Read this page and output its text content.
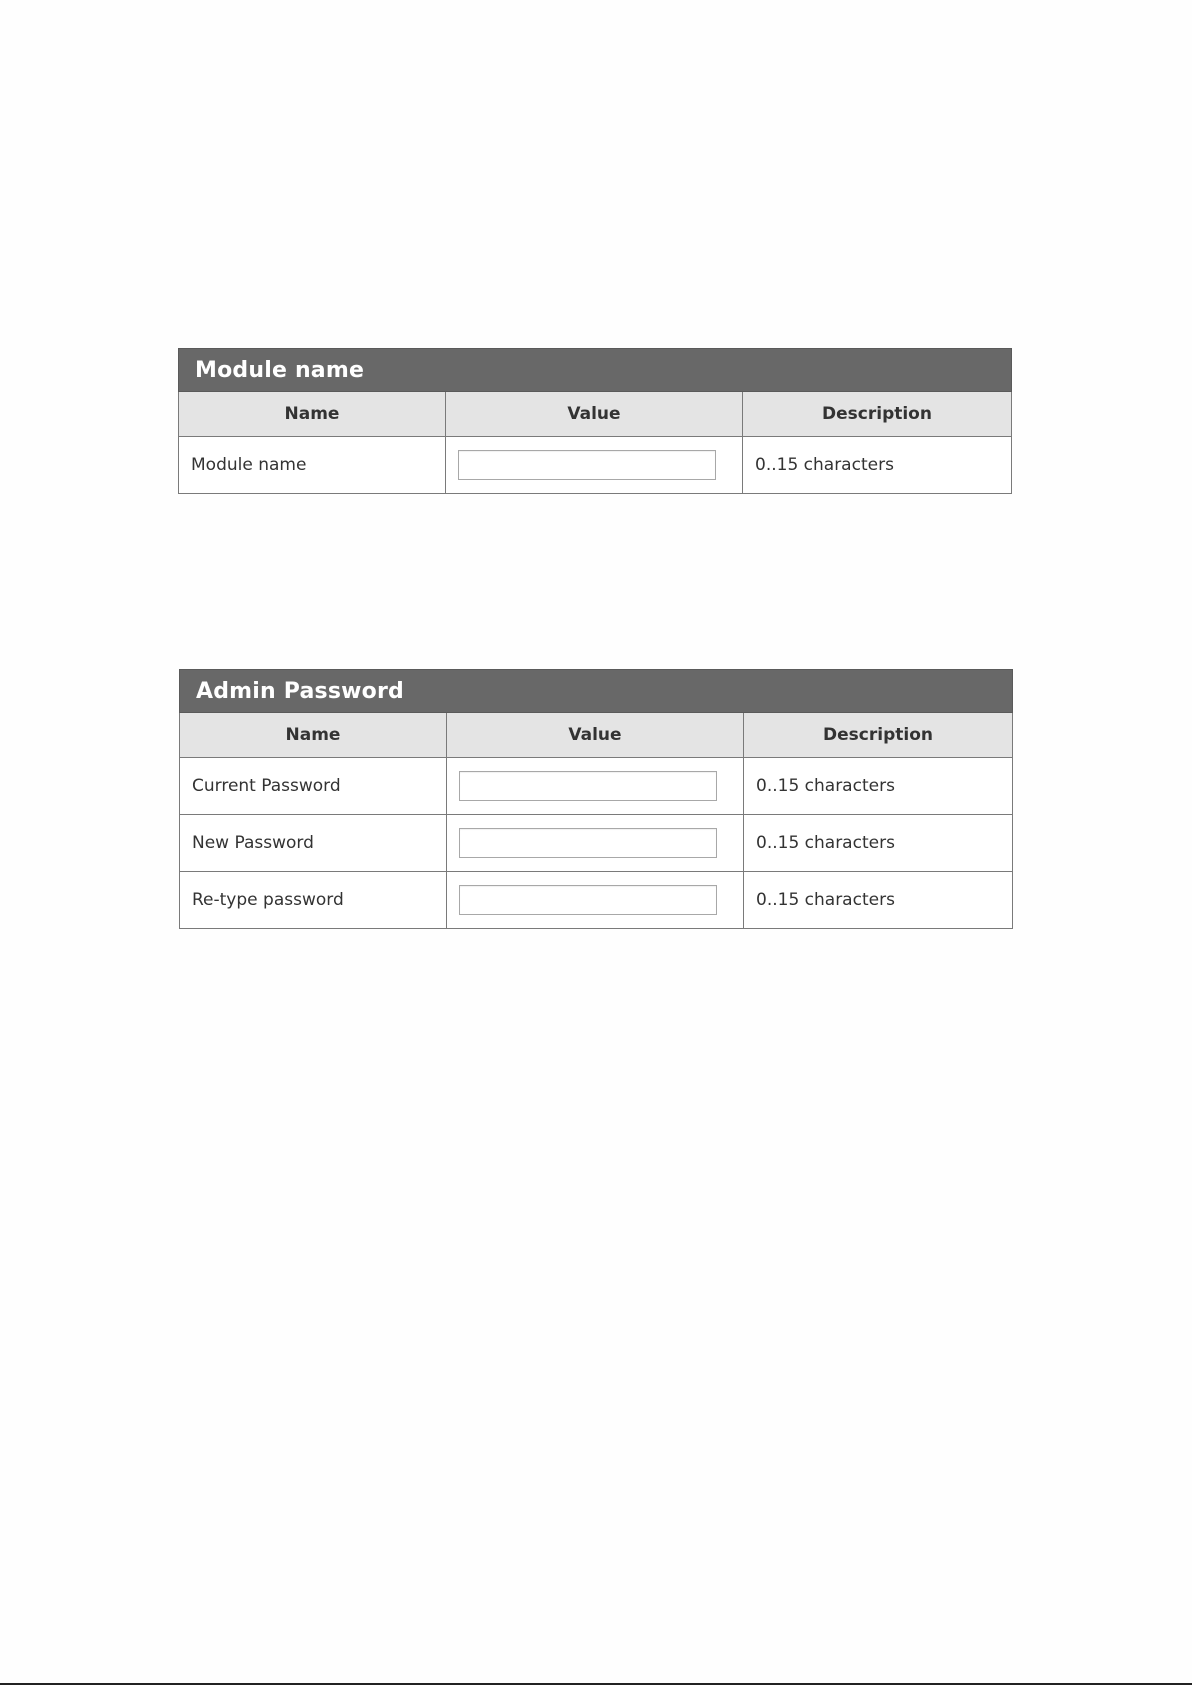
Module name		
Name	Value	Description
Module name		0..15 characters
Admin Password		
Name	Value	Description
Current Password		0..15 characters
New Password		0..15 characters
Re-type password		0..15 characters
